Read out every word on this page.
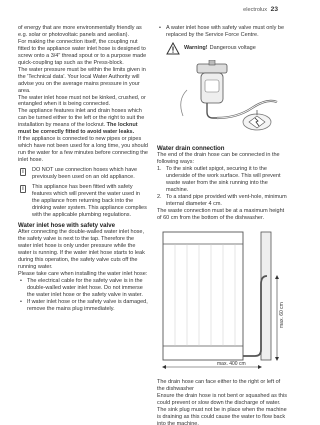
electrolux 23

of energy that are more environmentally friendly as e.g. solar or photovoltaic panels and aeolian).

For making the connection itself, the coupling nut fitted to the appliance water inlet hose is designed to screw onto a 3/4" thread spout or to a purpose made quick-coupling tap such as the Press-block.

The water pressure must be within the limits given in the 'Technical data'. Your local Water Authority will advise you on the average mains pressure in your area.

The water inlet hose must not be kinked, crushed, or entangled when it is being connected.

The appliance features inlet and drain hoses which can be turned either to the left or the right to suit the installation by means of the locknut. The locknut must be correctly fitted to avoid water leaks.

If the appliance is connected to new pipes or pipes which have not been used for a long time, you should run the water for a few minutes before connecting the inlet hose.

i	DO NOT use connection hoses which have previously been used on an old appliance.
i	This appliance has been fitted with safety features which will prevent the water used in the appliance from returning back into the drinking water system. This appliance complies with the applicable plumbing regulations.

Water inlet hose with safety valve

After connecting the double-walled water inlet hose, the safety valve is next to the tap. Therefore the water inlet hose is only under pressure while the water is running. If the water inlet hose starts to leak during this operation, the safety valve cuts off the running water.

Please take care when installing the water inlet hose:

• The electrical cable for the safety valve is in the double-walled water inlet hose. Do not immerse the water inlet hose or the safety valve in water.
• If water inlet hose or the safety valve is damaged, remove the mains plug immediately.
• A water inlet hose with safety valve must only be replaced by the Service Force Centre.
Warning! Dangerous voltage

Water drain connection

The end of the drain hose can be connected in the following ways:

1. To the sink outlet spigot, securing it to the underside of the work surface. This will prevent waste water from the sink running into the machine.
2. To a stand pipe provided with vent-hole, minimum internal diameter 4 cm.

The waste connection must be at a maximum height of 60 cm from the bottom of the dishwasher.

max. 60 cm
max. 400 cm

The drain hose can face either to the right or left of the dishwasher

Ensure the drain hose is not bent or squashed as this could prevent or slow down the discharge of water.

The sink plug must not be in place when the machine is draining as this could cause the water to flow back into the machine.
